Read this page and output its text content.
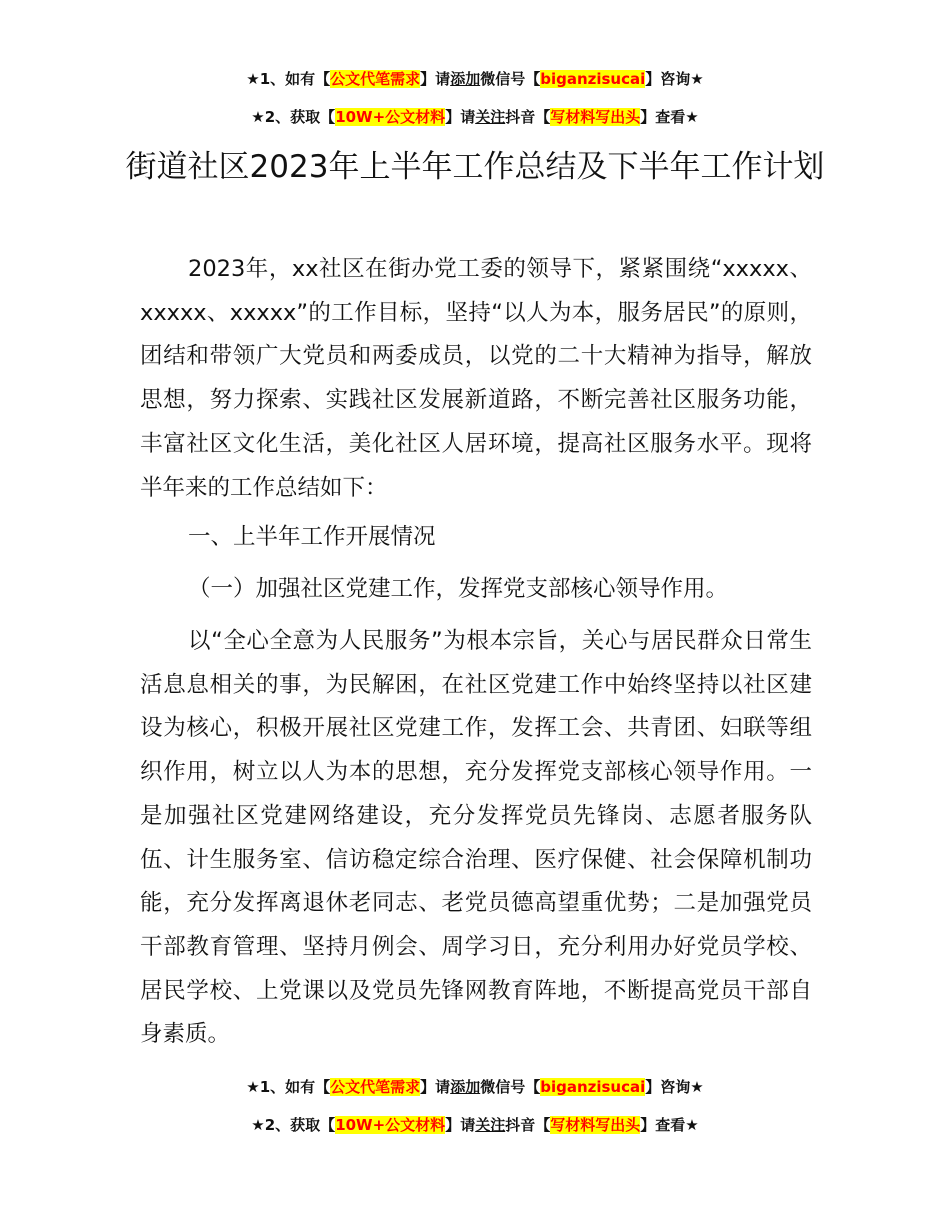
★1、如有【公文代笔需求】请添加微信号【biganzisucai】咨询★
★2、获取【10W+公文材料】请关注抖音【写材料写出头】查看★
街道社区2023年上半年工作总结及下半年工作计划

2023年，xx社区在街办党工委的领导下，紧紧围绕“xxxxx、xxxxx、xxxxx”的工作目标，坚持“以人为本，服务居民”的原则，团结和带领广大党员和两委成员，以党的二十大精神为指导，解放思想，努力探索、实践社区发展新道路，不断完善社区服务功能，丰富社区文化生活，美化社区人居环境，提高社区服务水平。现将半年来的工作总结如下：

一、上半年工作开展情况

（一）加强社区党建工作，发挥党支部核心领导作用。

以“全心全意为人民服务”为根本宗旨，关心与居民群众日常生活息息相关的事，为民解困，在社区党建工作中始终坚持以社区建设为核心，积极开展社区党建工作，发挥工会、共青团、妇联等组织作用，树立以人为本的思想，充分发挥党支部核心领导作用。一是加强社区党建网络建设，充分发挥党员先锋岗、志愿者服务队伍、计生服务室、信访稳定综合治理、医疗保健、社会保障机制功能，充分发挥离退休老同志、老党员德高望重优势；二是加强党员干部教育管理、坚持月例会、周学习日，充分利用办好党员学校、居民学校、上党课以及党员先锋网教育阵地，不断提高党员干部自身素质。

★1、如有【公文代笔需求】请添加微信号【biganzisucai】咨询★
★2、获取【10W+公文材料】请关注抖音【写材料写出头】查看★
